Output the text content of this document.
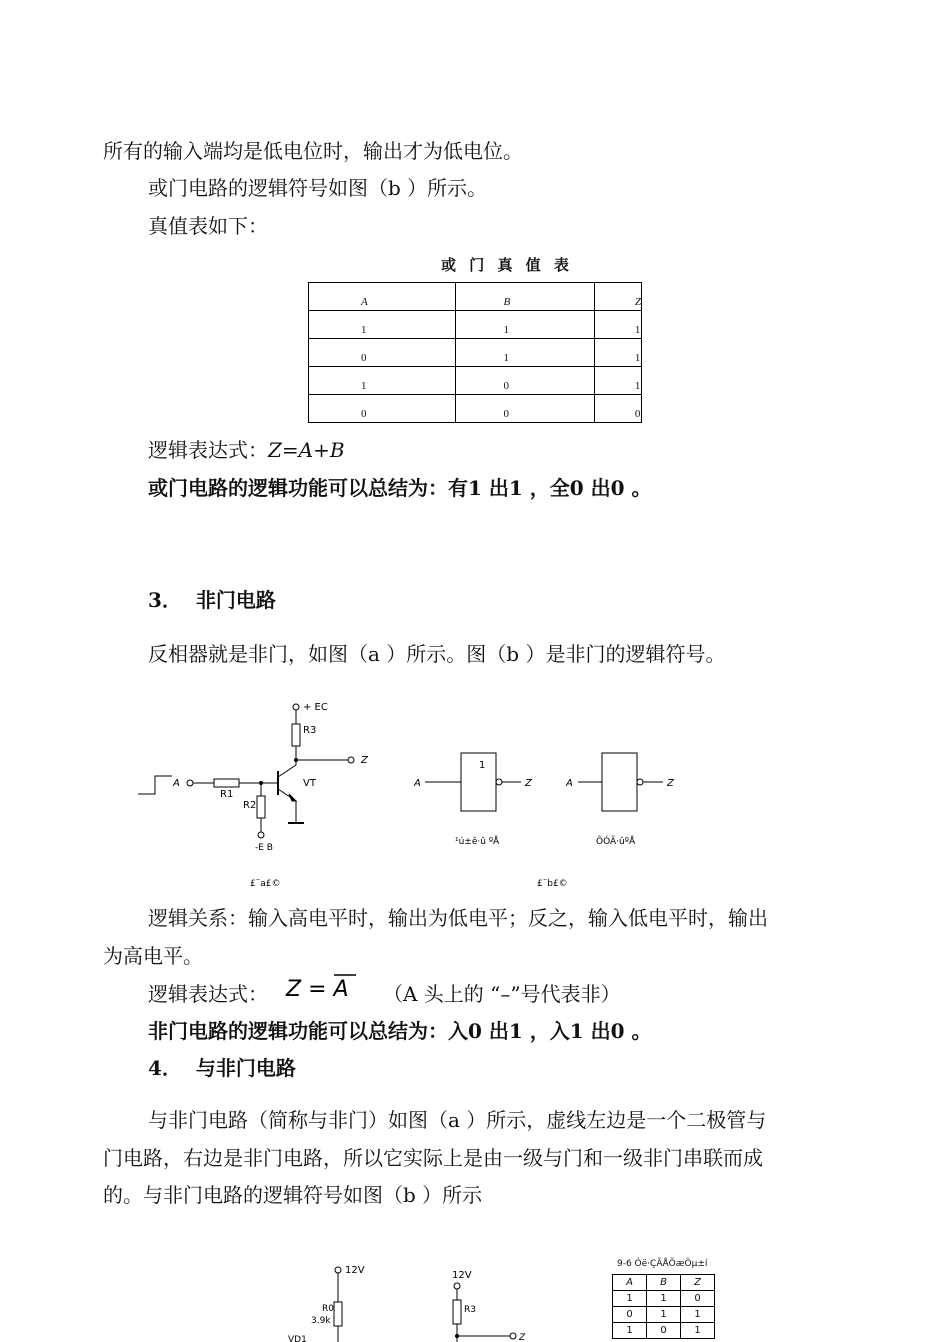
所有的输入端均是低电位时，输出才为低电位。
或门电路的逻辑符号如图（b ）所示。
真值表如下：
或 门 真 值 表
A	B	Z
1	1	1
0	1	1
1	0	1
0	0	0
逻辑表达式：Z=A+B
或门电路的逻辑功能可以总结为：有1 出1 ，全0 出0 。
3． 非门电路
反相器就是非门，如图（a ）所示。图（b ）是非门的逻辑符号。
+ EC
R3
Z
A
R1
R2
VT
-E B
A
1
Z	A	Z
¹ú±ê·û ºÅ	ÔÓÃ·ûºÅ
£¨a£©	£¨b£©
逻辑关系：输入高电平时，输出为低电平；反之，输入低电平时，输出
为高电平。
逻辑表达式： Z = A （A 头上的 “–”号代表非）
非门电路的逻辑功能可以总结为：入0 出1 ，入1 出0 。
4． 与非门电路
与非门电路（简称与非门）如图（a ）所示，虚线左边是一个二极管与
门电路，右边是非门电路，所以它实际上是由一级与门和一级非门串联而成
的。与非门电路的逻辑符号如图（b ）所示
12V
R0
3.9k
VD1
12V
R3
Z
9-6 Óë·ÇÃÅÕæÖµ±í
A	B	Z
1	1	0
0	1	1
1	0	1
